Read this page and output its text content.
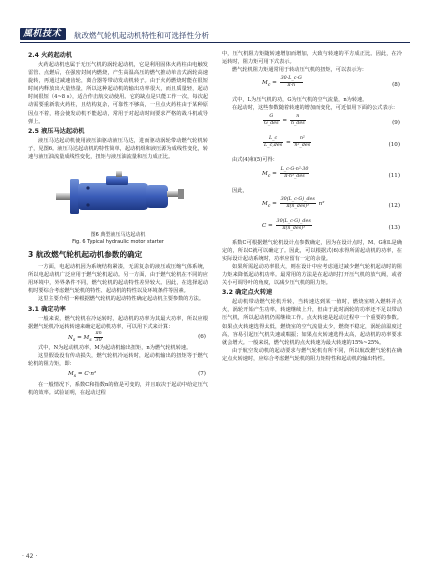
風机技术 航改燃气轮机起动机特性和可选择性分析
2.4 火药起动机

火药起动机也属于无压气机的涡轮起动机，它是利用固体火药柱由电触发雷管、点燃后，在强密封间内燃烧，产生高温高压的燃气推动单击式涡轮高速旋转，再通过减速齿轮，离合器等带动发动机转子。由于火药燃烧时能在很短时间内释放出大量热量，所以这种起动机的输出功率很大，而且质量轻，起动时间很短（4~8 s），适合作击航交动使用。它的缺点是只能工作一次，每次起动需要重新装火药柱，且结构复杂，可靠性不够高，一旦点火药柱由于某种原因点不着，将会使发动机不能起动，常用于对起动时间要求严格的战斗机或导弹上。

2.5 液压马达起动机

液压马达起动机使用液压油驱动液压马达，进而驱动涡轮带动燃气轮机转子，见图6。液压马达起动机的特性简单，起动机组和液压源为成线性变化，转速与液压油流量成线性变化，扭矩与液压油流量和压力成正比。

图6 典型液压马达起动机
Fig. 6 Typical hydraulic motor starter
3 航改燃气轮机起动机参数的确定

一方面，电起动机因为系统结构紧凑，无需复杂的液压或压缩气体系统，所以电起动机广泛应用于燃气轮机起动。另一方面，由于燃气轮机在不同的应用环境中，外界条件不同，燃气轮机的起动特性差异较大。因此，在选择起动机时要综合考虑燃气轮机的特性、起动机的特性以及环境条件等因素。

这里主要介绍一种根据燃气轮机的起动特性确定起动机主要参数的方法。

3.1 确定功率

一般来说，燃气轮机在冷运转时，起动机的功率为其最大功率，所以应根据燃气轮机冷运转转速来确定起动机功率，可以用下式来计算：

$N_s = M_s \frac{\pi n}{30}$	(6)

式中，N为起动机功率，M为起动机输出扭矩，n为燃气轮机转速。

这里假设没有传动损失，燃气轮机冷运转时，起动机输出的扭矩等于燃气轮机的阻力矩，即：

$M_s = C\cdot n^2$	(7)

在一般情况下，系数C和指数n的值是可变的，并且取决于起动中给定压气机的效率。试验证明，在起动过程

中，压气机阻力矩随转速增加而增加，大致与转速的平方成正比。因此，在冷运转时，阻力矩可用下式表示。

燃气轮机阻力矩通常用于转动压气机的扭矩，可以表示为：

$M_c = \frac{30\cdot L\_c\cdot G}{\pi\cdot n}$	(8)

式中，L为压气机的功，G为压气机的空气流量，n为转速。

在起动时，这些参数随着转速的增加而变化，可近似用下面的公式表示：

$\frac{G}{\text{G\_des}} = \frac{n}{\text{n\_des}}$	(9)
$\frac{L\_c}{\text{L\_c,des}} = \frac{\text{n²}}{\text{n²\_des}}$	(10)

由式(4)和(5)可得：

$M_c = \frac{\text{L\_c·G·n²·30}}{\text{π·n³\_des}}$	(11)

因此，

$M_c = \frac{\text{30(L\_c·G)\_des}}{\text{π(n\_des)³}} n^2$	(12)
$C = \frac{\text{30(L\_c·G)\_des}}{\text{π(n\_des)³}}$	(13)

系数C可根据燃气轮机设计点参数确定，因为在设计点时，M、G和L是确定的，所以C就可以确定了。因此，可以根据式(6)求得所需起动机的功率，在实际设计起动系统时，功率应留有一定的余量。

如果所需起动功率很大，则在设计中应考虑通过减少燃气轮机起动时的阻力矩来降低起动机功率。最常用的方法是在起动时打开压气机的放气阀，或者关小可调导叶的角度，以减少压气机的阻力矩。

3.2 确定点火转速

起动机带动燃气轮机升转，当转速达到某一值时，燃烧室喷入燃料并点火，涡轮开始产生功率，转速继续上升，但由于此时涡轮的功率还不足以带动压气机，所以起动机仍需继续工作。点火转速是起动过程中一个重要的参数。如果点火转速选得太低，燃烧室的空气流量太少，燃烧不稳定，涡轮前温度过高，容易引起压气机失速或喘振；如果点火转速选得太高，起动机的功率要求就会增大。一般来说，燃气轮机的点火转速为最大转速的15%~25%。

由于航空发动机的起动要求与燃气轮机有所不同，所以航改燃气轮机在确定点火转速时，应综合考虑燃气轮机的阻力矩特性和起动机的输出特性。

· 42 ·
